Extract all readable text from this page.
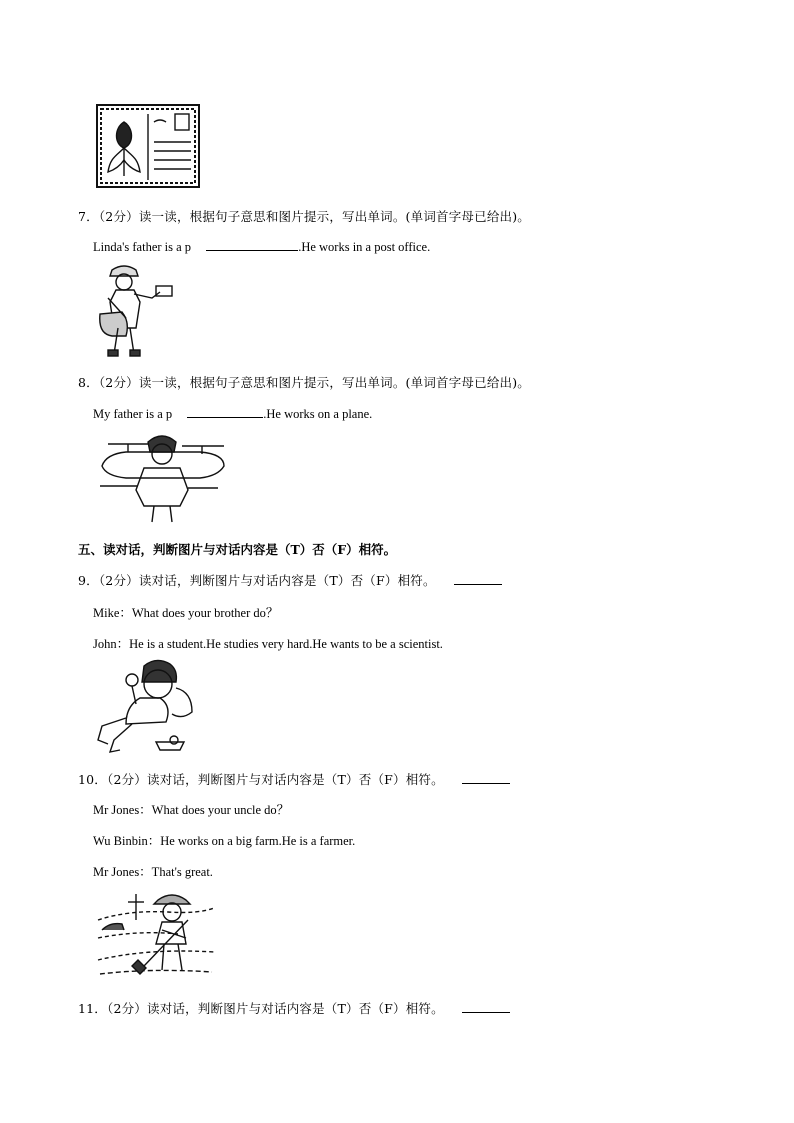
7．（2分）读一读，根据句子意思和图片提示，写出单词。(单词首字母已给出)。
Linda's father is a p	.He works in a post office.
8．（2分）读一读，根据句子意思和图片提示，写出单词。(单词首字母已给出)。
My father is a p	.He works on a plane.
五、读对话，判断图片与对话内容是（T）否（F）相符。
9．（2分）读对话，判断图片与对话内容是（T）否（F）相符。
Mike：What does your brother do？
John：He is a student.He studies very hard.He wants to be a scientist.
10．（2分）读对话，判断图片与对话内容是（T）否（F）相符。
Mr Jones：What does your uncle do？
Wu Binbin：He works on a big farm.He is a farmer.
Mr Jones：That's great.
11．（2分）读对话，判断图片与对话内容是（T）否（F）相符。
